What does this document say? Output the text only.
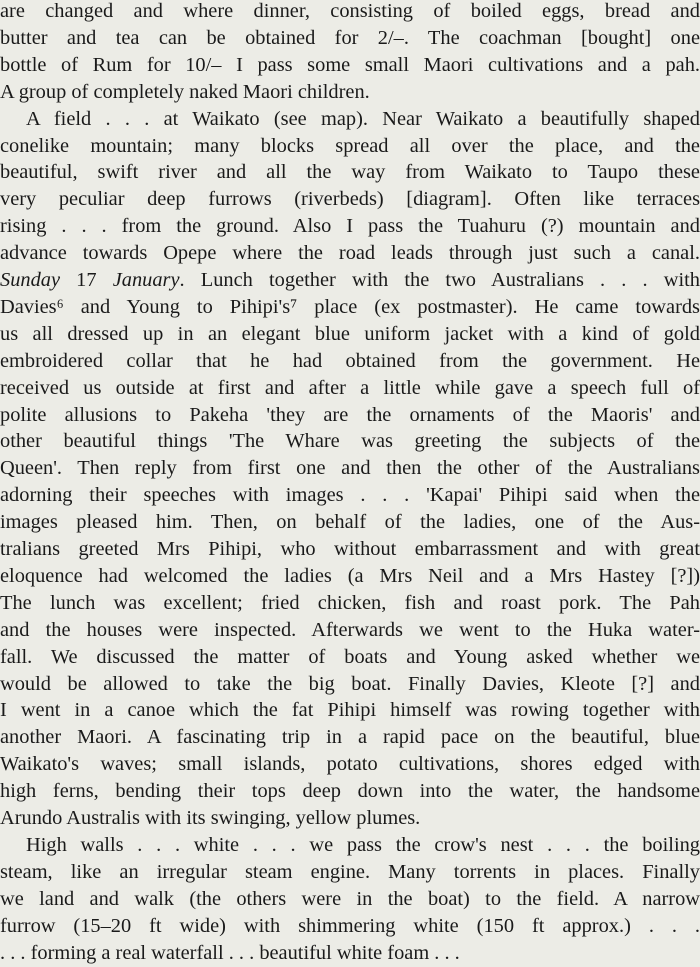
are changed and where dinner, consisting of boiled eggs, bread and
butter and tea can be obtained for 2/–. The coachman [bought] one
bottle of Rum for 10/– I pass some small Maori cultivations and a pah.
A group of completely naked Maori children.
A field . . . at Waikato (see map). Near Waikato a beautifully shaped
conelike mountain; many blocks spread all over the place, and the
beautiful, swift river and all the way from Waikato to Taupo these
very peculiar deep furrows (riverbeds) [diagram]. Often like terraces
rising . . . from the ground. Also I pass the Tuahuru (?) mountain and
advance towards Opepe where the road leads through just such a canal.
Sunday 17 January. Lunch together with the two Australians . . . with
Davies⁶ and Young to Pihipi's⁷ place (ex postmaster). He came towards
us all dressed up in an elegant blue uniform jacket with a kind of gold
embroidered collar that he had obtained from the government. He
received us outside at first and after a little while gave a speech full of
polite allusions to Pakeha 'they are the ornaments of the Maoris' and
other beautiful things 'The Whare was greeting the subjects of the
Queen'. Then reply from first one and then the other of the Australians
adorning their speeches with images . . . 'Kapai' Pihipi said when the
images pleased him. Then, on behalf of the ladies, one of the Aus-
tralians greeted Mrs Pihipi, who without embarrassment and with great
eloquence had welcomed the ladies (a Mrs Neil and a Mrs Hastey [?])
The lunch was excellent; fried chicken, fish and roast pork. The Pah
and the houses were inspected. Afterwards we went to the Huka water-
fall. We discussed the matter of boats and Young asked whether we
would be allowed to take the big boat. Finally Davies, Kleote [?] and
I went in a canoe which the fat Pihipi himself was rowing together with
another Maori. A fascinating trip in a rapid pace on the beautiful, blue
Waikato's waves; small islands, potato cultivations, shores edged with
high ferns, bending their tops deep down into the water, the handsome
Arundo Australis with its swinging, yellow plumes.
High walls . . . white . . . we pass the crow's nest . . . the boiling
steam, like an irregular steam engine. Many torrents in places. Finally
we land and walk (the others were in the boat) to the field. A narrow
furrow (15–20 ft wide) with shimmering white (150 ft approx.) . . .
. . . forming a real waterfall . . . beautiful white foam . . .
